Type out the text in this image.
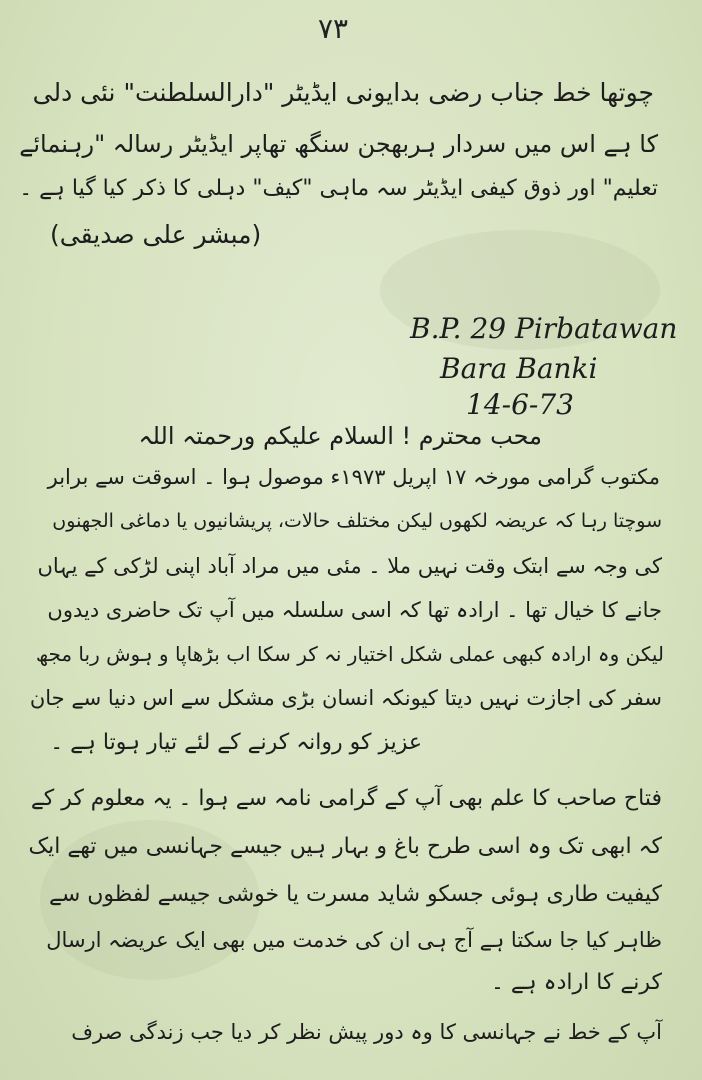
۷۳
چوتھا خط جناب رضی بدایونی ایڈیٹر "دارالسلطنت" نئی دلی
کا ہے اس میں سردار ہربھجن سنگھ تھاپر ایڈیٹر رسالہ "رہنمائے
تعلیم" اور ذوق کیفی ایڈیٹر سہ ماہی "کیف" دہلی کا ذکر کیا گیا ہے ۔
(مبشر علی صدیقی)
B.P. 29 Pirbatawan
Bara Banki
14-6-73
محب محترم ! السلام علیکم ورحمتہ اللہ
مکتوب گرامی مورخہ ۱۷ اپریل ۱۹۷۳ء موصول ہوا ۔ اسوقت سے برابر
سوچتا رہا کہ عریضہ لکھوں لیکن مختلف حالات، پریشانیوں یا دماغی الجھنوں
کی وجہ سے ابتک وقت نہیں ملا ۔ مئی میں مراد آباد اپنی لڑکی کے یہاں
جانے کا خیال تھا ۔ ارادہ تھا کہ اسی سلسلہ میں آپ تک حاضری دیدوں
لیکن وہ ارادہ کبھی عملی شکل اختیار نہ کر سکا اب بڑھاپا و ہوش ربا مجھ
سفر کی اجازت نہیں دیتا کیونکہ انسان بڑی مشکل سے اس دنیا سے جان
عزیز کو روانہ کرنے کے لئے تیار ہوتا ہے ۔
فتاح صاحب کا علم بھی آپ کے گرامی نامہ سے ہوا ۔ یہ معلوم کر کے
کہ ابھی تک وہ اسی طرح باغ و بہار ہیں جیسے جہانسی میں تھے ایک
کیفیت طاری ہوئی جسکو شاید مسرت یا خوشی جیسے لفظوں سے
ظاہر کیا جا سکتا ہے آج ہی ان کی خدمت میں بھی ایک عریضہ ارسال
کرنے کا ارادہ ہے ۔
آپ کے خط نے جہانسی کا وہ دور پیش نظر کر دیا جب زندگی صرف
